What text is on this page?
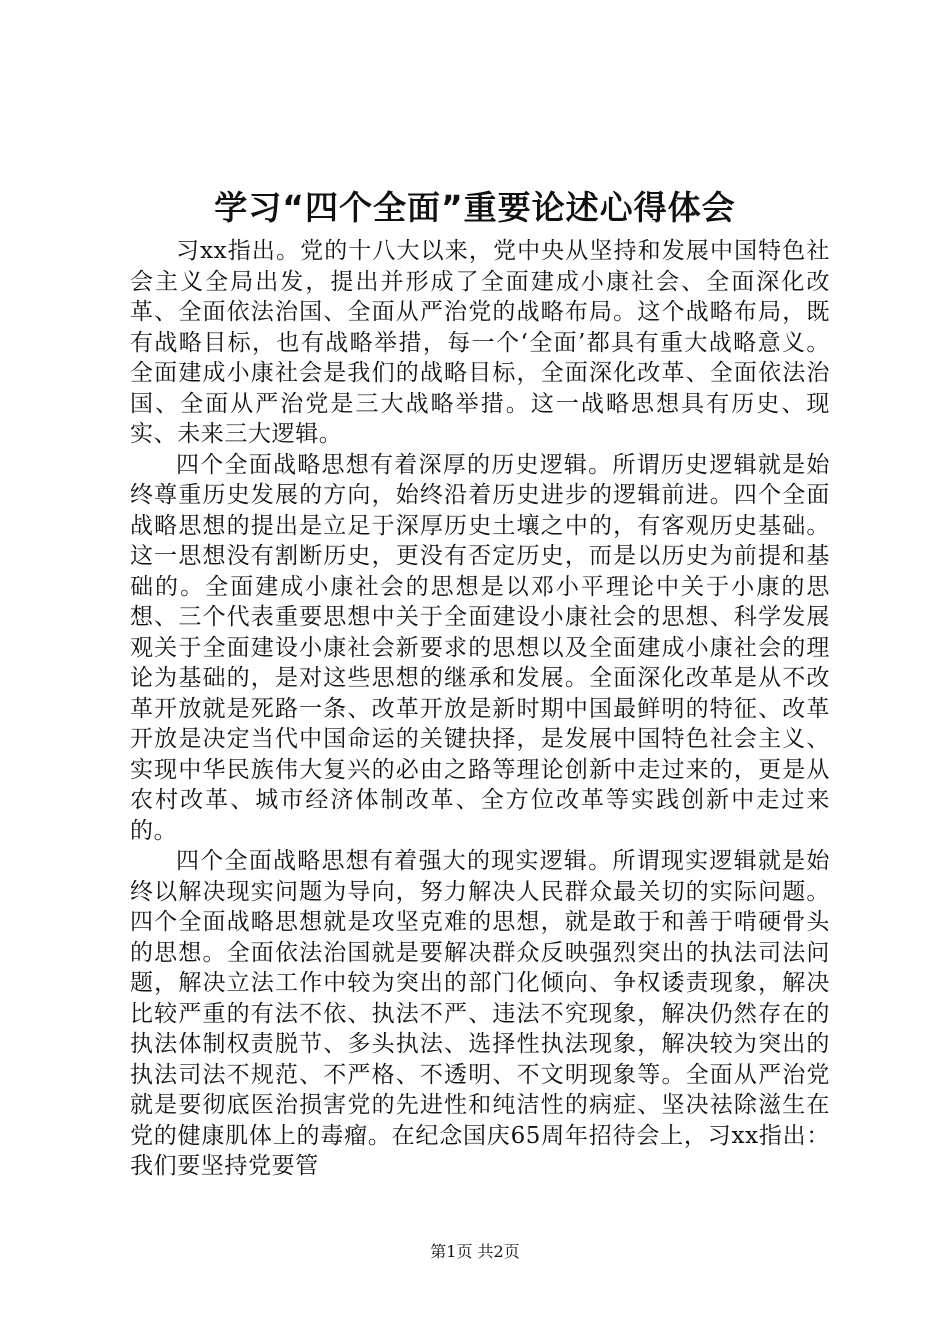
学习“四个全面”重要论述心得体会

习xx指出。党的十八大以来，党中央从坚持和发展中国特色社会主义全局出发，提出并形成了全面建成小康社会、全面深化改革、全面依法治国、全面从严治党的战略布局。这个战略布局，既有战略目标，也有战略举措，每一个‘全面’都具有重大战略意义。全面建成小康社会是我们的战略目标，全面深化改革、全面依法治国、全面从严治党是三大战略举措。这一战略思想具有历史、现实、未来三大逻辑。

四个全面战略思想有着深厚的历史逻辑。所谓历史逻辑就是始终尊重历史发展的方向，始终沿着历史进步的逻辑前进。四个全面战略思想的提出是立足于深厚历史土壤之中的，有客观历史基础。这一思想没有割断历史，更没有否定历史，而是以历史为前提和基础的。全面建成小康社会的思想是以邓小平理论中关于小康的思想、三个代表重要思想中关于全面建设小康社会的思想、科学发展观关于全面建设小康社会新要求的思想以及全面建成小康社会的理论为基础的，是对这些思想的继承和发展。全面深化改革是从不改革开放就是死路一条、改革开放是新时期中国最鲜明的特征、改革开放是决定当代中国命运的关键抉择，是发展中国特色社会主义、实现中华民族伟大复兴的必由之路等理论创新中走过来的，更是从农村改革、城市经济体制改革、全方位改革等实践创新中走过来的。

四个全面战略思想有着强大的现实逻辑。所谓现实逻辑就是始终以解决现实问题为导向，努力解决人民群众最关切的实际问题。四个全面战略思想就是攻坚克难的思想，就是敢于和善于啃硬骨头的思想。全面依法治国就是要解决群众反映强烈突出的执法司法问题，解决立法工作中较为突出的部门化倾向、争权诿责现象，解决比较严重的有法不依、执法不严、违法不究现象，解决仍然存在的执法体制权责脱节、多头执法、选择性执法现象，解决较为突出的执法司法不规范、不严格、不透明、不文明现象等。全面从严治党就是要彻底医治损害党的先进性和纯洁性的病症、坚决祛除滋生在党的健康肌体上的毒瘤。在纪念国庆65周年招待会上，习xx指出：我们要坚持党要管

第1页 共2页
